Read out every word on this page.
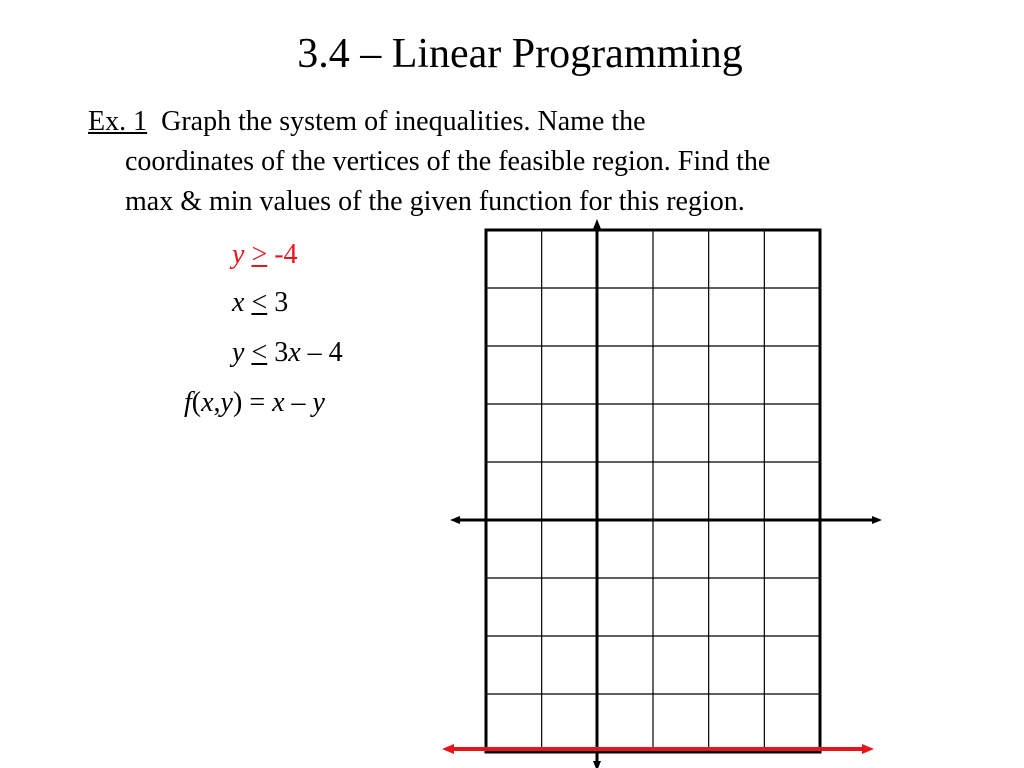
3.4 – Linear Programming
Ex. 1 Graph the system of inequalities. Name the
coordinates of the vertices of the feasible region. Find the
max & min values of the given function for this region.
y > -4
x < 3
y < 3x – 4
f(x,y) = x – y
